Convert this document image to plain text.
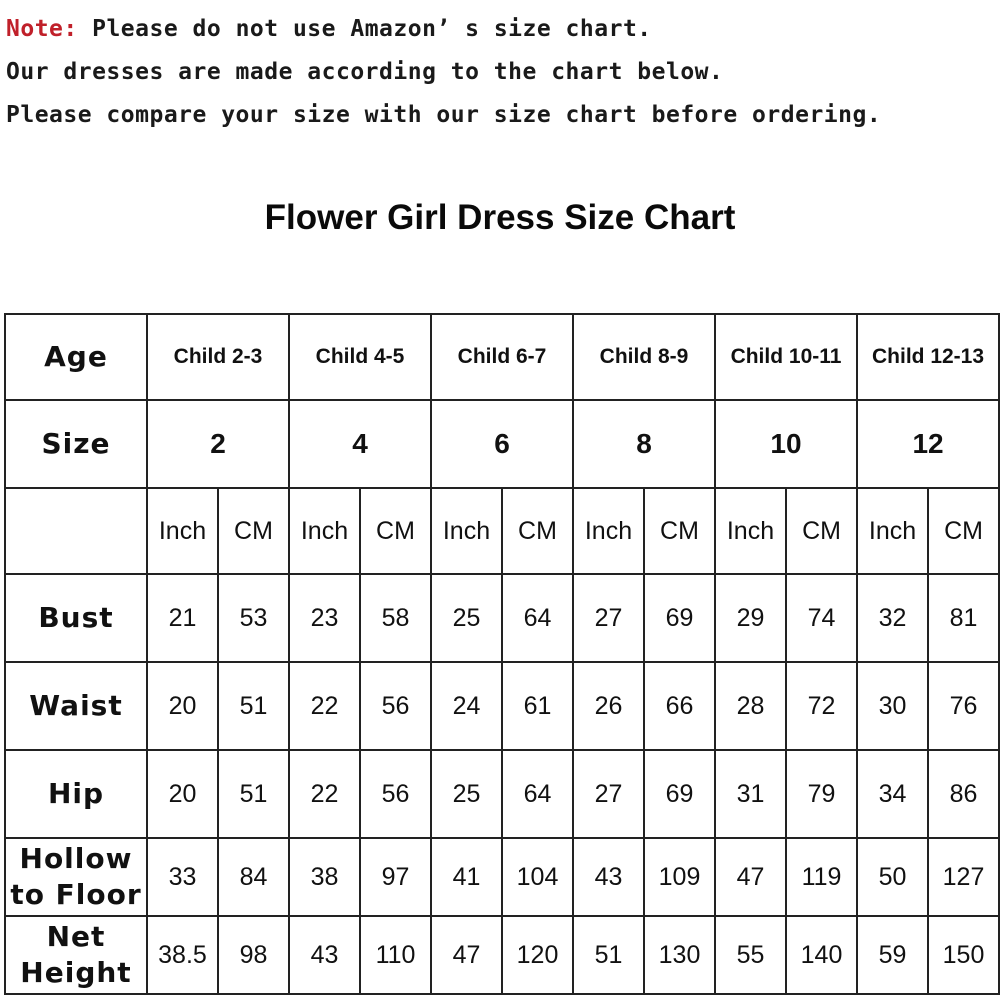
Note: Please do not use Amazon’ s size chart.
Our dresses are made according to the chart below.
Please compare your size with our size chart before ordering.
Flower Girl Dress Size Chart
Age	Child 2-3		Child 4-5		Child 6-7		Child 8-9		Child 10-11		Child 12-13	
Size	2		4		6		8		10		12	
	Inch	CM	Inch	CM	Inch	CM	Inch	CM	Inch	CM	Inch	CM
Bust	21	53	23	58	25	64	27	69	29	74	32	81
Waist	20	51	22	56	24	61	26	66	28	72	30	76
Hip	20	51	22	56	25	64	27	69	31	79	34	86
Hollow to Floor	33	84	38	97	41	104	43	109	47	119	50	127
Net Height	38.5	98	43	110	47	120	51	130	55	140	59	150
